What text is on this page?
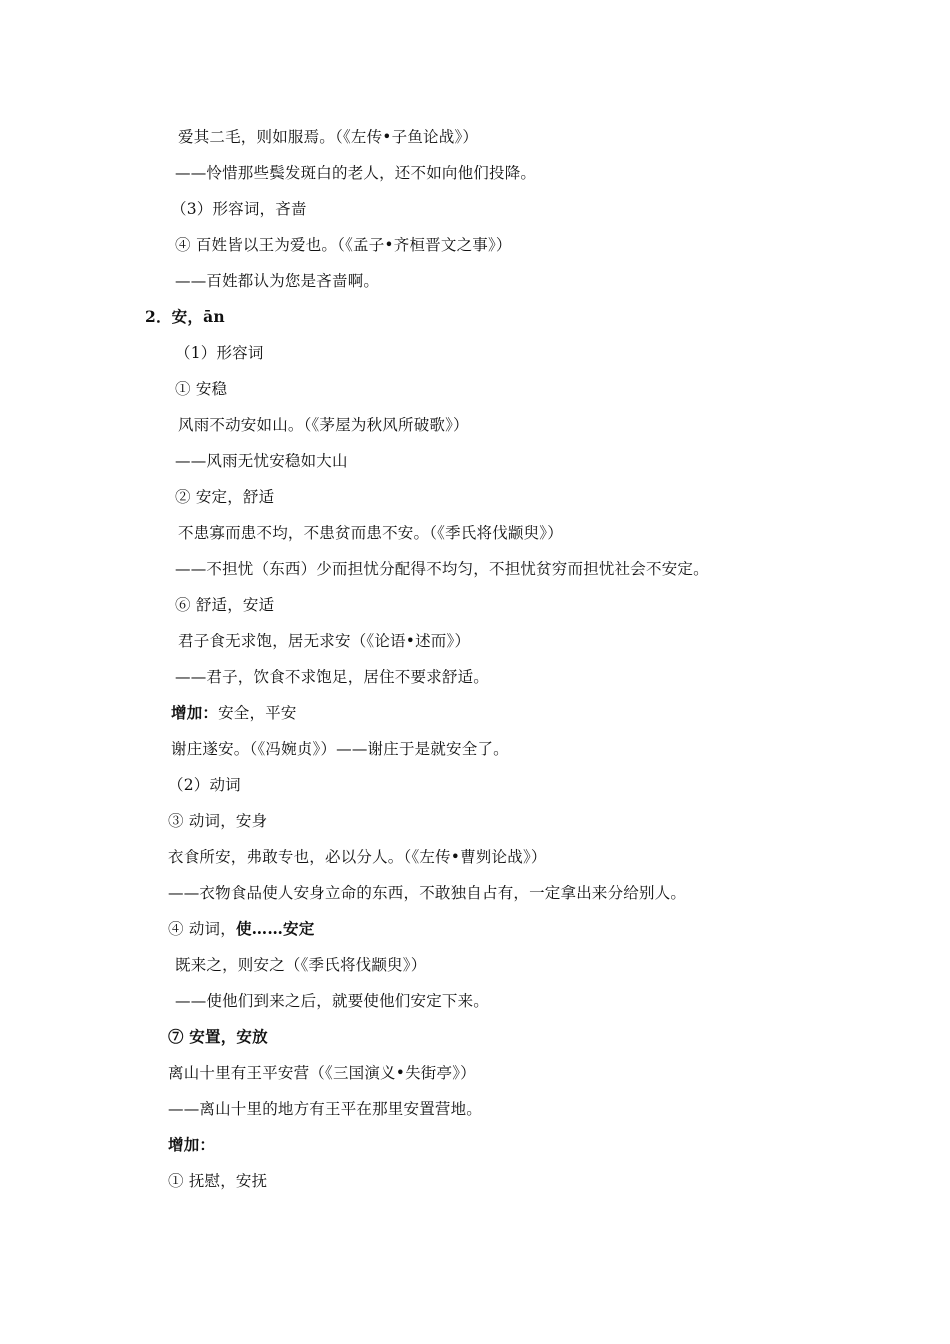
爱其二毛，则如服焉。（《左传•子鱼论战》）
——怜惜那些鬓发斑白的老人，还不如向他们投降。
（3）形容词，吝啬
④ 百姓皆以王为爱也。（《孟子•齐桓晋文之事》）
——百姓都认为您是吝啬啊。
2．安，ān
（1）形容词
① 安稳
风雨不动安如山。（《茅屋为秋风所破歌》）
——风雨无忧安稳如大山
② 安定，舒适
不患寡而患不均，不患贫而患不安。（《季氏将伐颛臾》）
——不担忧（东西）少而担忧分配得不均匀，不担忧贫穷而担忧社会不安定。
⑥ 舒适，安适
君子食无求饱，居无求安（《论语•述而》）
——君子，饮食不求饱足，居住不要求舒适。
增加：安全，平安
谢庄遂安。（《冯婉贞》）——谢庄于是就安全了。
（2）动词
③ 动词，安身
衣食所安，弗敢专也，必以分人。（《左传•曹刿论战》）
——衣物食品使人安身立命的东西，不敢独自占有，一定拿出来分给别人。
④ 动词，使……安定
既来之，则安之（《季氏将伐颛臾》）
——使他们到来之后，就要使他们安定下来。
⑦ 安置，安放
离山十里有王平安营（《三国演义•失街亭》）
——离山十里的地方有王平在那里安置营地。
增加：
① 抚慰，安抚
